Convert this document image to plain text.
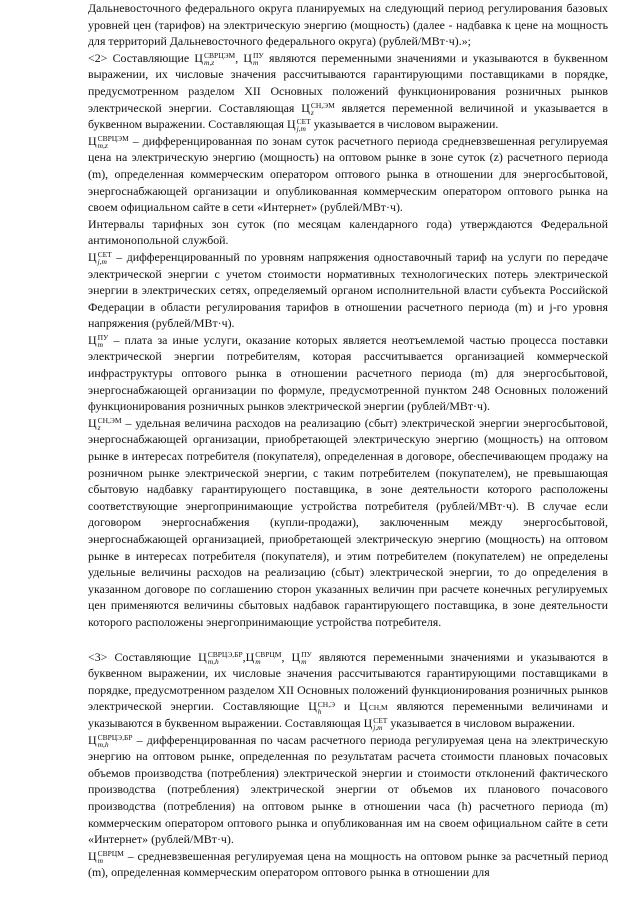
Дальневосточного федерального округа планируемых на следующий период регулирования базовых уровней цен (тарифов) на электрическую энергию (мощность) (далее - надбавка к цене на мощность для территорий Дальневосточного федерального округа) (рублей/МВт·ч).»;

<2> Составляющие Ц СВРЦЭМ
m,z	, Ц ПУ
m являются переменными значениями и указываются в буквенном выражении, их числовые значения рассчитываются гарантирующими поставщиками в порядке, предусмотренном разделом XII Основных положений функционирования розничных рынков электрической энергии. Составляющая Ц СН,ЭМ
z	является переменной величиной и указывается в буквенном выражении. Составляющая Ц СЕТ
j,m указывается в числовом выражении.

Ц СВРЦЭМ
m,z	– дифференцированная по зонам суток расчетного периода средневзвешенная регулируемая цена на электрическую энергию (мощность) на оптовом рынке в зоне суток (z) расчетного периода (m), определенная коммерческим оператором оптового рынка в отношении для энергосбытовой, энергоснабжающей организации и опубликованная коммерческим оператором оптового рынка на своем официальном сайте в сети «Интернет» (рублей/МВт·ч).

Интервалы тарифных зон суток (по месяцам календарного года) утверждаются Федеральной антимонопольной службой.

Ц СЕТ
j,m – дифференцированный по уровням напряжения одноставочный тариф на услуги по передаче электрической энергии с учетом стоимости нормативных технологических потерь электрической энергии в электрических сетях, определяемый органом исполнительной власти субъекта Российской Федерации в области регулирования тарифов в отношении расчетного периода (m) и j-го уровня напряжения (рублей/МВт·ч).

Ц ПУ
m – плата за иные услуги, оказание которых является неотъемлемой частью процесса поставки электрической энергии потребителям, которая рассчитывается организацией коммерческой инфраструктуры оптового рынка в отношении расчетного периода (m) для энергосбытовой, энергоснабжающей организации по формуле, предусмотренной пунктом 248 Основных положений функционирования розничных рынков электрической энергии (рублей/МВт·ч).

Ц СН,ЭМ
z	– удельная величина расходов на реализацию (сбыт) электрической энергии энергосбытовой, энергоснабжающей организации, приобретающей электрическую энергию (мощность) на оптовом рынке в интересах потребителя (покупателя), определенная в договоре, обеспечивающем продажу на розничном рынке электрической энергии, с таким потребителем (покупателем), не превышающая сбытовую надбавку гарантирующего поставщика, в зоне деятельности которого расположены соответствующие энергопринимающие устройства потребителя (рублей/МВт·ч). В случае если договором энергоснабжения (купли-продажи), заключенным между энергосбытовой, энергоснабжающей организацией, приобретающей электрическую энергию (мощность) на оптовом рынке в интересах потребителя (покупателя), и этим потребителем (покупателем) не определены удельные величины расходов на реализацию (сбыт) электрической энергии, то до определения в указанном договоре по соглашению сторон указанных величин при расчете конечных регулируемых цен применяются величины сбытовых надбавок гарантирующего поставщика, в зоне деятельности которого расположены энергопринимающие устройства потребителя.

<3> Составляющие Ц СВРЦЭ,БР
m,h	,Ц СВРЦМ
m	, Ц ПУ
m	являются переменными значениями и указываются в буквенном выражении, их числовые значения рассчитываются гарантирующими поставщиками в порядке, предусмотренном разделом XII Основных положений функционирования розничных рынков электрической энергии. Составляющие Ц СН,Э
h	и Ц СН,М являются переменными величинами и указываются в буквенном выражении. Составляющая Ц СЕТ
j,m указывается в числовом выражении.

Ц СВРЦЭ,БР
m,h	– дифференцированная по часам расчетного периода регулируемая цена на электрическую энергию на оптовом рынке, определенная по результатам расчета стоимости плановых почасовых объемов производства (потребления) электрической энергии и стоимости отклонений фактического производства (потребления) электрической энергии от объемов их планового почасового производства (потребления) на оптовом рынке в отношении часа (h) расчетного периода (m) коммерческим оператором оптового рынка и опубликованная им на своем официальном сайте в сети «Интернет» (рублей/МВт·ч).

Ц СВРЦМ
m	– средневзвешенная регулируемая цена на мощность на оптовом рынке за расчетный период (m), определенная коммерческим оператором оптового рынка в отношении для
